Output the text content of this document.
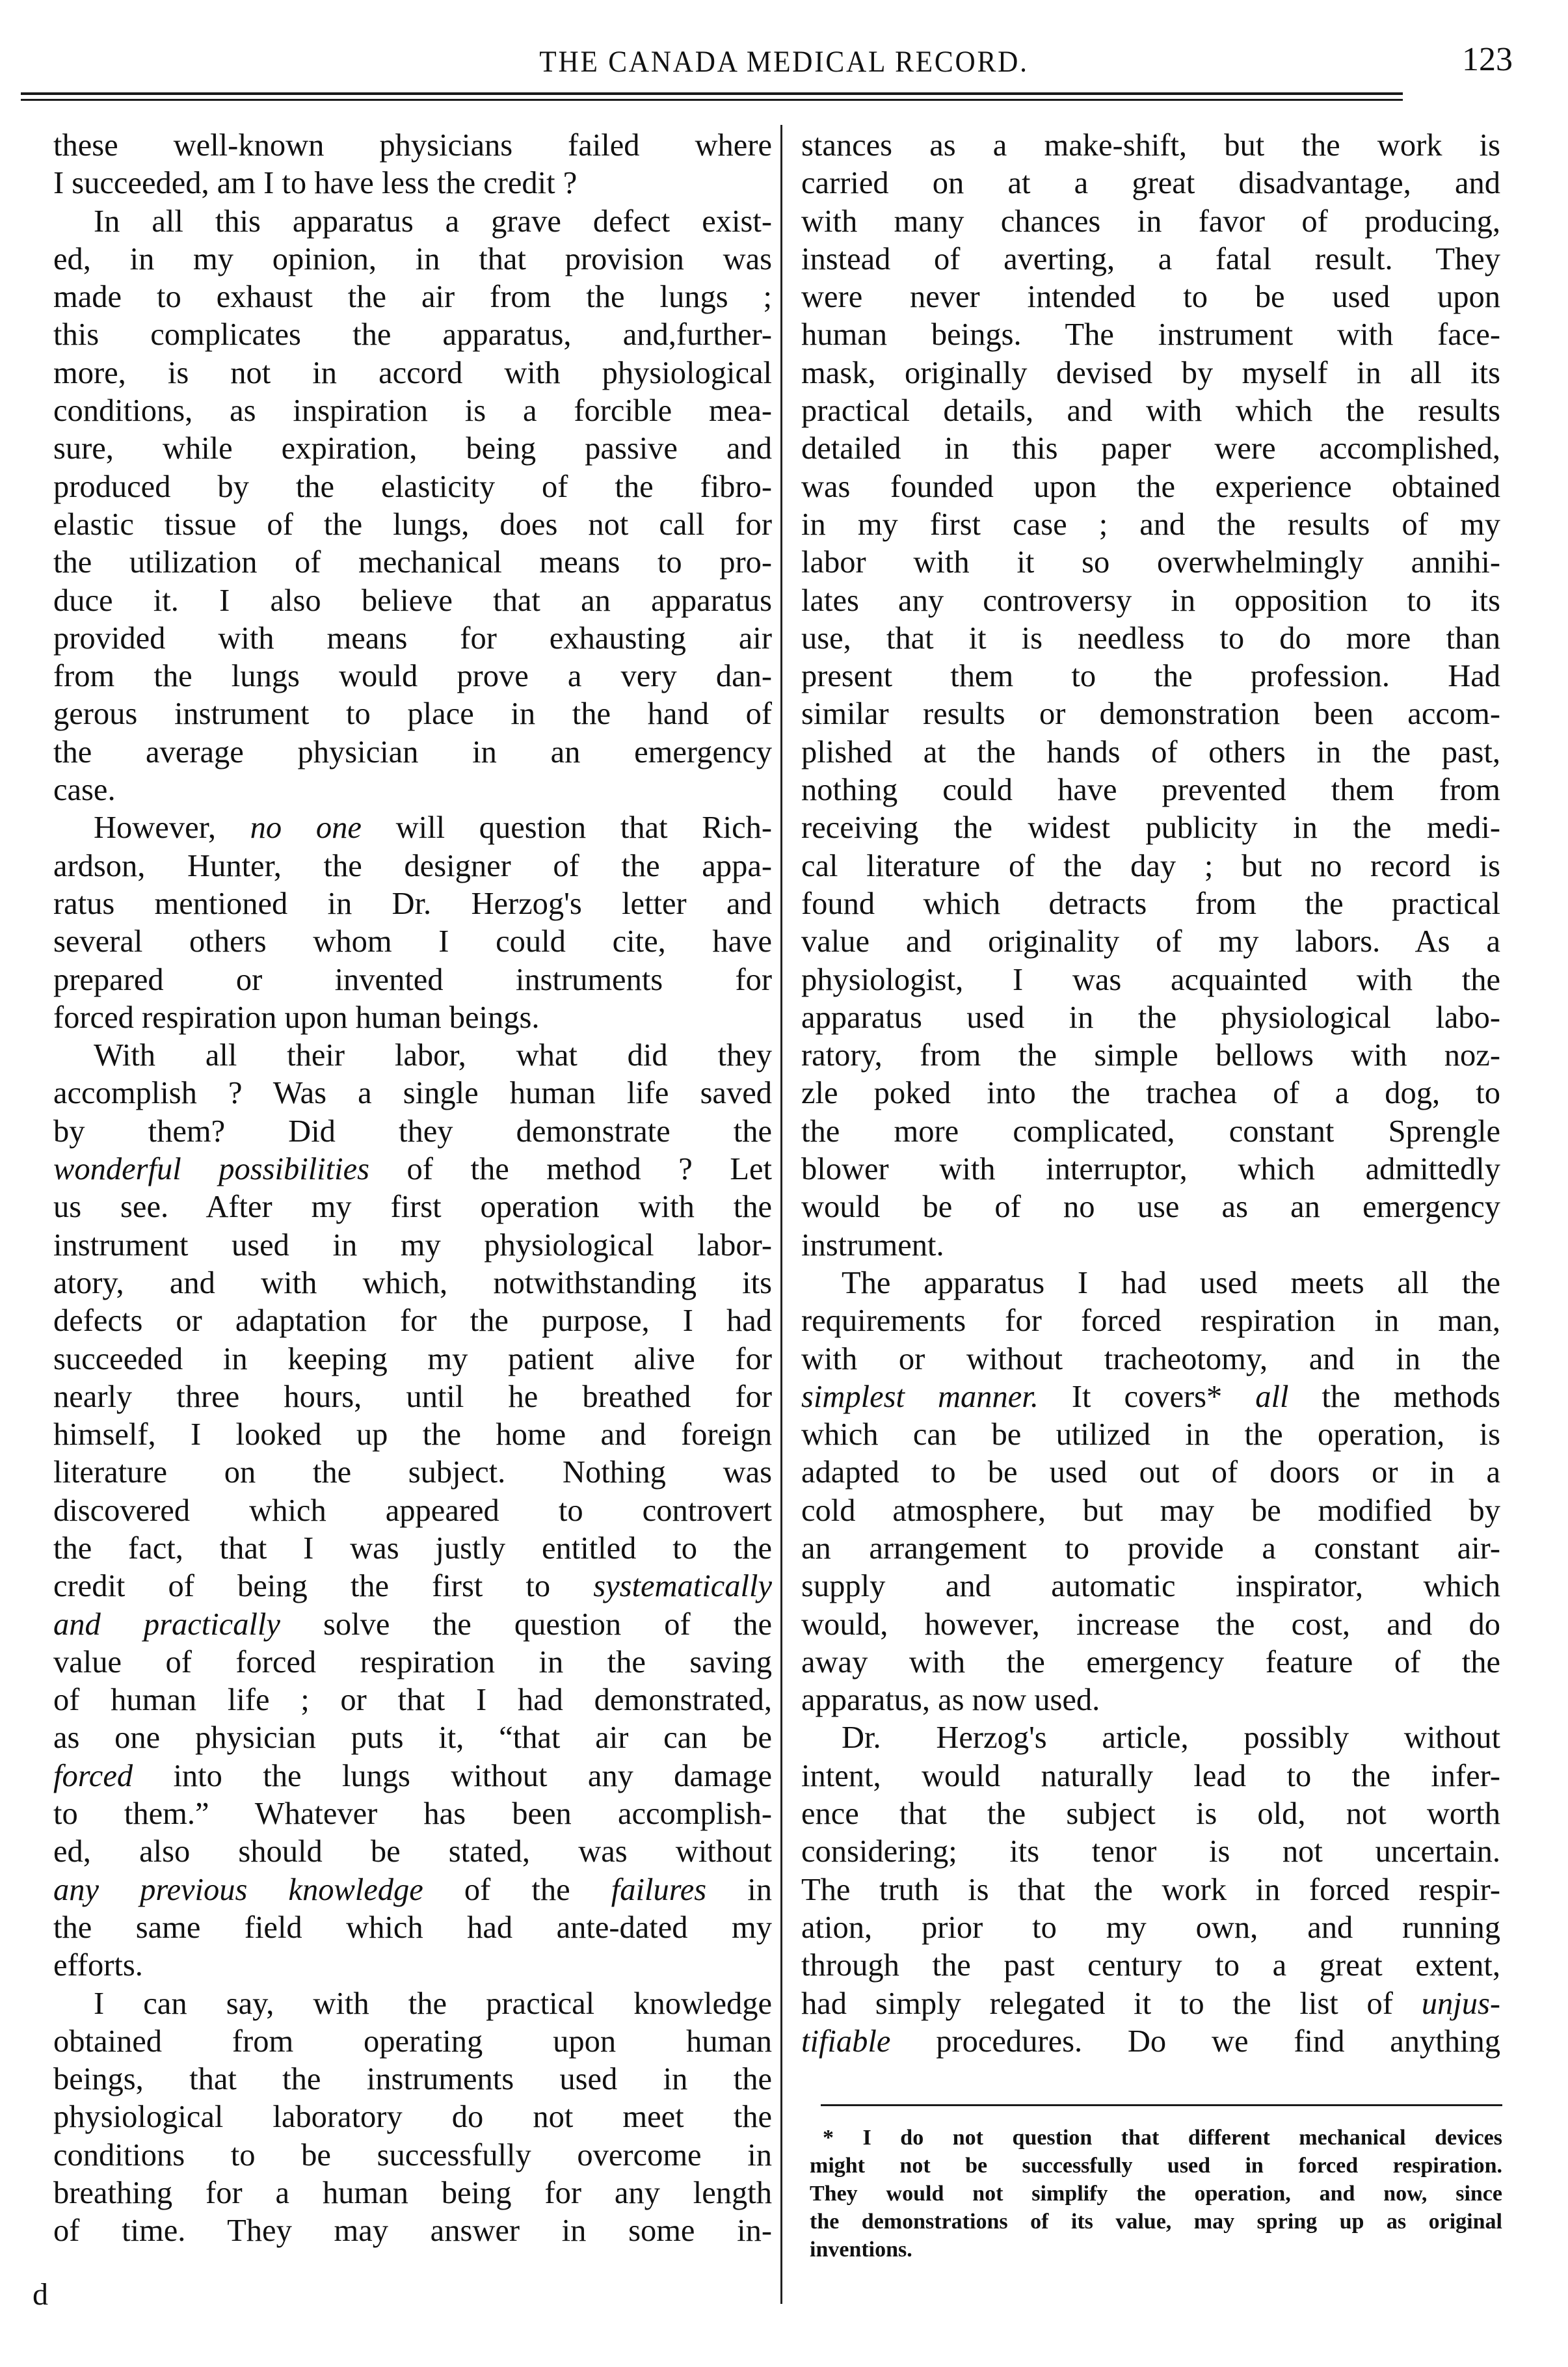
THE CANADA MEDICAL RECORD.	123
these well-known physicians failed where
I succeeded, am I to have less the credit ?
In all this apparatus a grave defect exist-
ed, in my opinion, in that provision was
made to exhaust the air from the lungs ;
this complicates the apparatus, and,further-
more, is not in accord with physiological
conditions, as inspiration is a forcible mea-
sure, while expiration, being passive and
produced by the elasticity of the fibro-
elastic tissue of the lungs, does not call for
the utilization of mechanical means to pro-
duce it. I also believe that an apparatus
provided with means for exhausting air
from the lungs would prove a very dan-
gerous instrument to place in the hand of
the average physician in an emergency
case.
However, no one will question that Rich-
ardson, Hunter, the designer of the appa-
ratus mentioned in Dr. Herzog's letter and
several others whom I could cite, have
prepared or invented instruments for
forced respiration upon human beings.
With all their labor, what did they
accomplish ? Was a single human life saved
by them? Did they demonstrate the
wonderful possibilities of the method ? Let
us see. After my first operation with the
instrument used in my physiological labor-
atory, and with which, notwithstanding its
defects or adaptation for the purpose, I had
succeeded in keeping my patient alive for
nearly three hours, until he breathed for
himself, I looked up the home and foreign
literature on the subject. Nothing was
discovered which appeared to controvert
the fact, that I was justly entitled to the
credit of being the first to systematically
and practically solve the question of the
value of forced respiration in the saving
of human life ; or that I had demonstrated,
as one physician puts it, “that air can be
forced into the lungs without any damage
to them.” Whatever has been accomplish-
ed, also should be stated, was without
any previous knowledge of the failures in
the same field which had ante-dated my
efforts.
I can say, with the practical knowledge
obtained from operating upon human
beings, that the instruments used in the
physiological laboratory do not meet the
conditions to be successfully overcome in
breathing for a human being for any length
of time. They may answer in some in-
stances as a make-shift, but the work is
carried on at a great disadvantage, and
with many chances in favor of producing,
instead of averting, a fatal result. They
were never intended to be used upon
human beings. The instrument with face-
mask, originally devised by myself in all its
practical details, and with which the results
detailed in this paper were accomplished,
was founded upon the experience obtained
in my first case ; and the results of my
labor with it so overwhelmingly annihi-
lates any controversy in opposition to its
use, that it is needless to do more than
present them to the profession. Had
similar results or demonstration been accom-
plished at the hands of others in the past,
nothing could have prevented them from
receiving the widest publicity in the medi-
cal literature of the day ; but no record is
found which detracts from the practical
value and originality of my labors. As a
physiologist, I was acquainted with the
apparatus used in the physiological labo-
ratory, from the simple bellows with noz-
zle poked into the trachea of a dog, to
the more complicated, constant Sprengle
blower with interruptor, which admittedly
would be of no use as an emergency
instrument.
The apparatus I had used meets all the
requirements for forced respiration in man,
with or without tracheotomy, and in the
simplest manner. It covers* all the methods
which can be utilized in the operation, is
adapted to be used out of doors or in a
cold atmosphere, but may be modified by
an arrangement to provide a constant air-
supply and automatic inspirator, which
would, however, increase the cost, and do
away with the emergency feature of the
apparatus, as now used.
Dr. Herzog's article, possibly without
intent, would naturally lead to the infer-
ence that the subject is old, not worth
considering; its tenor is not uncertain.
The truth is that the work in forced respir-
ation, prior to my own, and running
through the past century to a great extent,
had simply relegated it to the list of unjus-
tifiable procedures. Do we find anything
* I do not question that different mechanical devices
might not be successfully used in forced respiration.
They would not simplify the operation, and now, since
the demonstrations of its value, may spring up as original
inventions.
d
